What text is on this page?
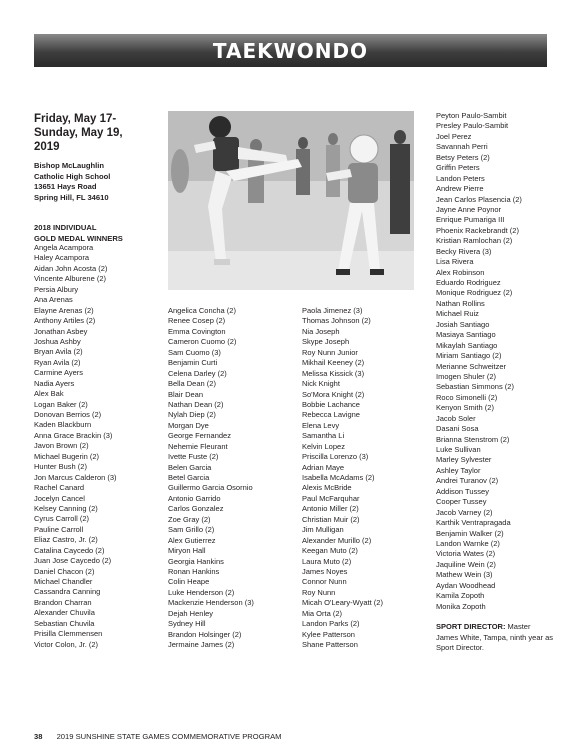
TAEKWONDO
Friday, May 17-
Sunday, May 19,
2019
Bishop McLaughlin
Catholic High School
13651 Hays Road
Spring Hill, FL 34610
2018 INDIVIDUAL
GOLD MEDAL WINNERS
Angela Acampora
Haley Acampora
Aidan John Acosta (2)
Vincente Alburene (2)
Persia Albury
Ana Arenas
Elayne Arenas (2)
Anthony Artiles (2)
Jonathan Asbey
Joshua Ashby
Bryan Avila (2)
Ryan Avila (2)
Carmine Ayers
Nadia Ayers
Alex Bak
Logan Baker (2)
Donovan Berrios (2)
Kaden Blackburn
Anna Grace Brackin (3)
Javon Brown (2)
Michael Bugerin (2)
Hunter Bush (2)
Jon Marcus Calderon (3)
Rachel Canard
Jocelyn Cancel
Kelsey Canning (2)
Cyrus Carroll (2)
Pauline Carroll
Eliaz Castro, Jr. (2)
Catalina Caycedo (2)
Juan Jose Caycedo (2)
Daniel Chacon (2)
Michael Chandler
Cassandra Canning
Brandon Charran
Alexander Chuvila
Sebastian Chuvila
Prisilla Clemmensen
Victor Colon, Jr. (2)
Angelica Concha (2)
Renee Cosep (2)
Emma Covington
Cameron Cuomo (2)
Sam Cuomo (3)
Benjamin Curti
Celena Darley (2)
Bella Dean (2)
Blair Dean
Nathan Dean (2)
Nylah Diep (2)
Morgan Dye
George Fernandez
Nehemie Fleurant
Ivette Fuste (2)
Belen Garcia
Betel Garcia
Guillermo Garcia Osornio
Antonio Garrido
Carlos Gonzalez
Zoe Gray (2)
Sam Grillo (2)
Alex Gutierrez
Miryon Hall
Georgia Hankins
Ronan Hankins
Colin Heape
Luke Henderson (2)
Mackenzie Henderson (3)
Dejah Henley
Sydney Hill
Brandon Holsinger (2)
Jermaine James (2)
Paola Jimenez (3)
Thomas Johnson (2)
Nia Joseph
Skype Joseph
Roy Nunn Junior
Mikhail Keeney (2)
Melissa Kissick (3)
Nick Knight
So'Mora Knight (2)
Bobbie Lachance
Rebecca Lavigne
Elena Levy
Samantha Li
Kelvin Lopez
Priscilla Lorenzo (3)
Adrian Maye
Isabella McAdams (2)
Alexis McBride
Paul McFarquhar
Antonio Miller (2)
Christian Muir (2)
Jim Mulligan
Alexander Murillo (2)
Keegan Muto (2)
Laura Muto (2)
James Noyes
Connor Nunn
Roy Nunn
Micah O'Leary-Wyatt (2)
Mia Orta (2)
Landon Parks (2)
Kylee Patterson
Shane Patterson
Peyton Paulo-Sambit
Presley Paulo-Sambit
Joel Perez
Savannah Perri
Betsy Peters (2)
Griffin Peters
Landon Peters
Andrew Pierre
Jean Carlos Plasencia (2)
Jayne Anne Poynor
Enrique Pumariga III
Phoenix Rackebrandt (2)
Kristian Ramlochan (2)
Becky Rivera (3)
Lisa Rivera
Alex Robinson
Eduardo Rodriguez
Monique Rodriguez (2)
Nathan Rollins
Michael Ruiz
Josiah Santiago
Masiaya Santiago
Mikaylah Santiago
Miriam Santiago (2)
Merianne Schweitzer
Imogen Shuler (2)
Sebastian Simmons (2)
Roco Simonelli (2)
Kenyon Smith (2)
Jacob Soler
Dasani Sosa
Brianna Stenstrom (2)
Luke Sullivan
Marley Sylvester
Ashley Taylor
Andrei Turanov (2)
Addison Tussey
Cooper Tussey
Jacob Varney (2)
Karthik Ventrapragada
Benjamin Walker (2)
Landon Warnke (2)
Victoria Wates (2)
Jaquiline Wein (2)
Mathew Wein (3)
Aydan Woodhead
Kamila Zopoth
Monika Zopoth
SPORT DIRECTOR: Master James White, Tampa, ninth year as Sport Director.
38 2019 SUNSHINE STATE GAMES COMMEMORATIVE PROGRAM
